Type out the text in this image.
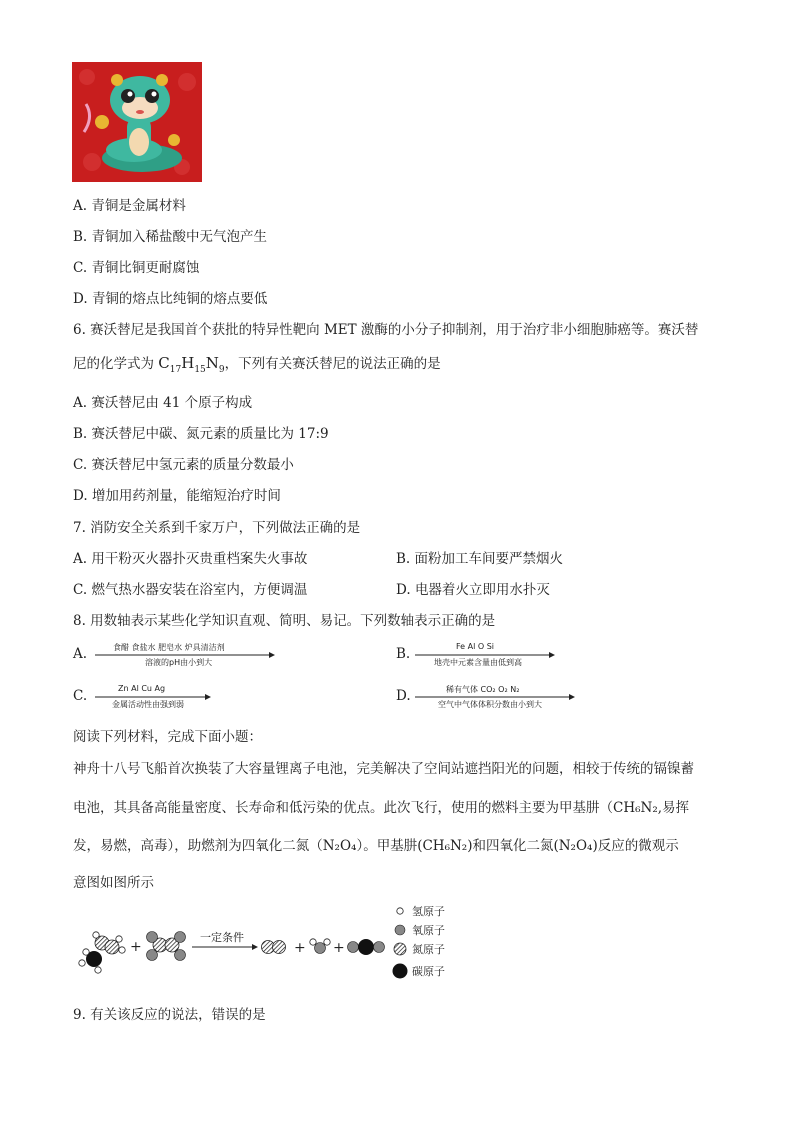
A. 青铜是金属材料
B. 青铜加入稀盐酸中无气泡产生
C. 青铜比铜更耐腐蚀
D. 青铜的熔点比纯铜的熔点要低
6. 赛沃替尼是我国首个获批的特异性靶向 MET 激酶的小分子抑制剂，用于治疗非小细胞肺癌等。赛沃替
尼的化学式为 $C_{17}H_{15}N_9$，下列有关赛沃替尼的说法正确的是
A. 赛沃替尼由 41 个原子构成
B. 赛沃替尼中碳、氮元素的质量比为 17:9
C. 赛沃替尼中氢元素的质量分数最小
D. 增加用药剂量，能缩短治疗时间
7. 消防安全关系到千家万户，下列做法正确的是
A. 用干粉灭火器扑灭贵重档案失火事故	B. 面粉加工车间要严禁烟火
C. 燃气热水器安装在浴室内，方便调温	D. 电器着火立即用水扑灭
8. 用数轴表示某些化学知识直观、简明、易记。下列数轴表示正确的是
A.	食醋 食盐水 肥皂水 炉具清洁剂
溶液的pH由小到大
B.	Fe Al O Si
地壳中元素含量由低到高
C.	Zn Al Cu Ag
金属活动性由强到弱
D.	稀有气体 CO₂ O₂ N₂
空气中气体体积分数由小到大
阅读下列材料，完成下面小题：
神舟十八号飞船首次换装了大容量锂离子电池，完美解决了空间站遮挡阳光的问题，相较于传统的镉镍蓄
电池，其具备高能量密度、长寿命和低污染的优点。此次飞行，使用的燃料主要为甲基肼（CH₆N₂,易挥
发，易燃，高毒），助燃剂为四氧化二氮（N₂O₄）。甲基肼(CH₆N₂)和四氧化二氮(N₂O₄)反应的微观示
意图如图所示
+
一定条件
+ +
氢原子
氧原子
氮原子
碳原子
9. 有关该反应的说法，错误的是
